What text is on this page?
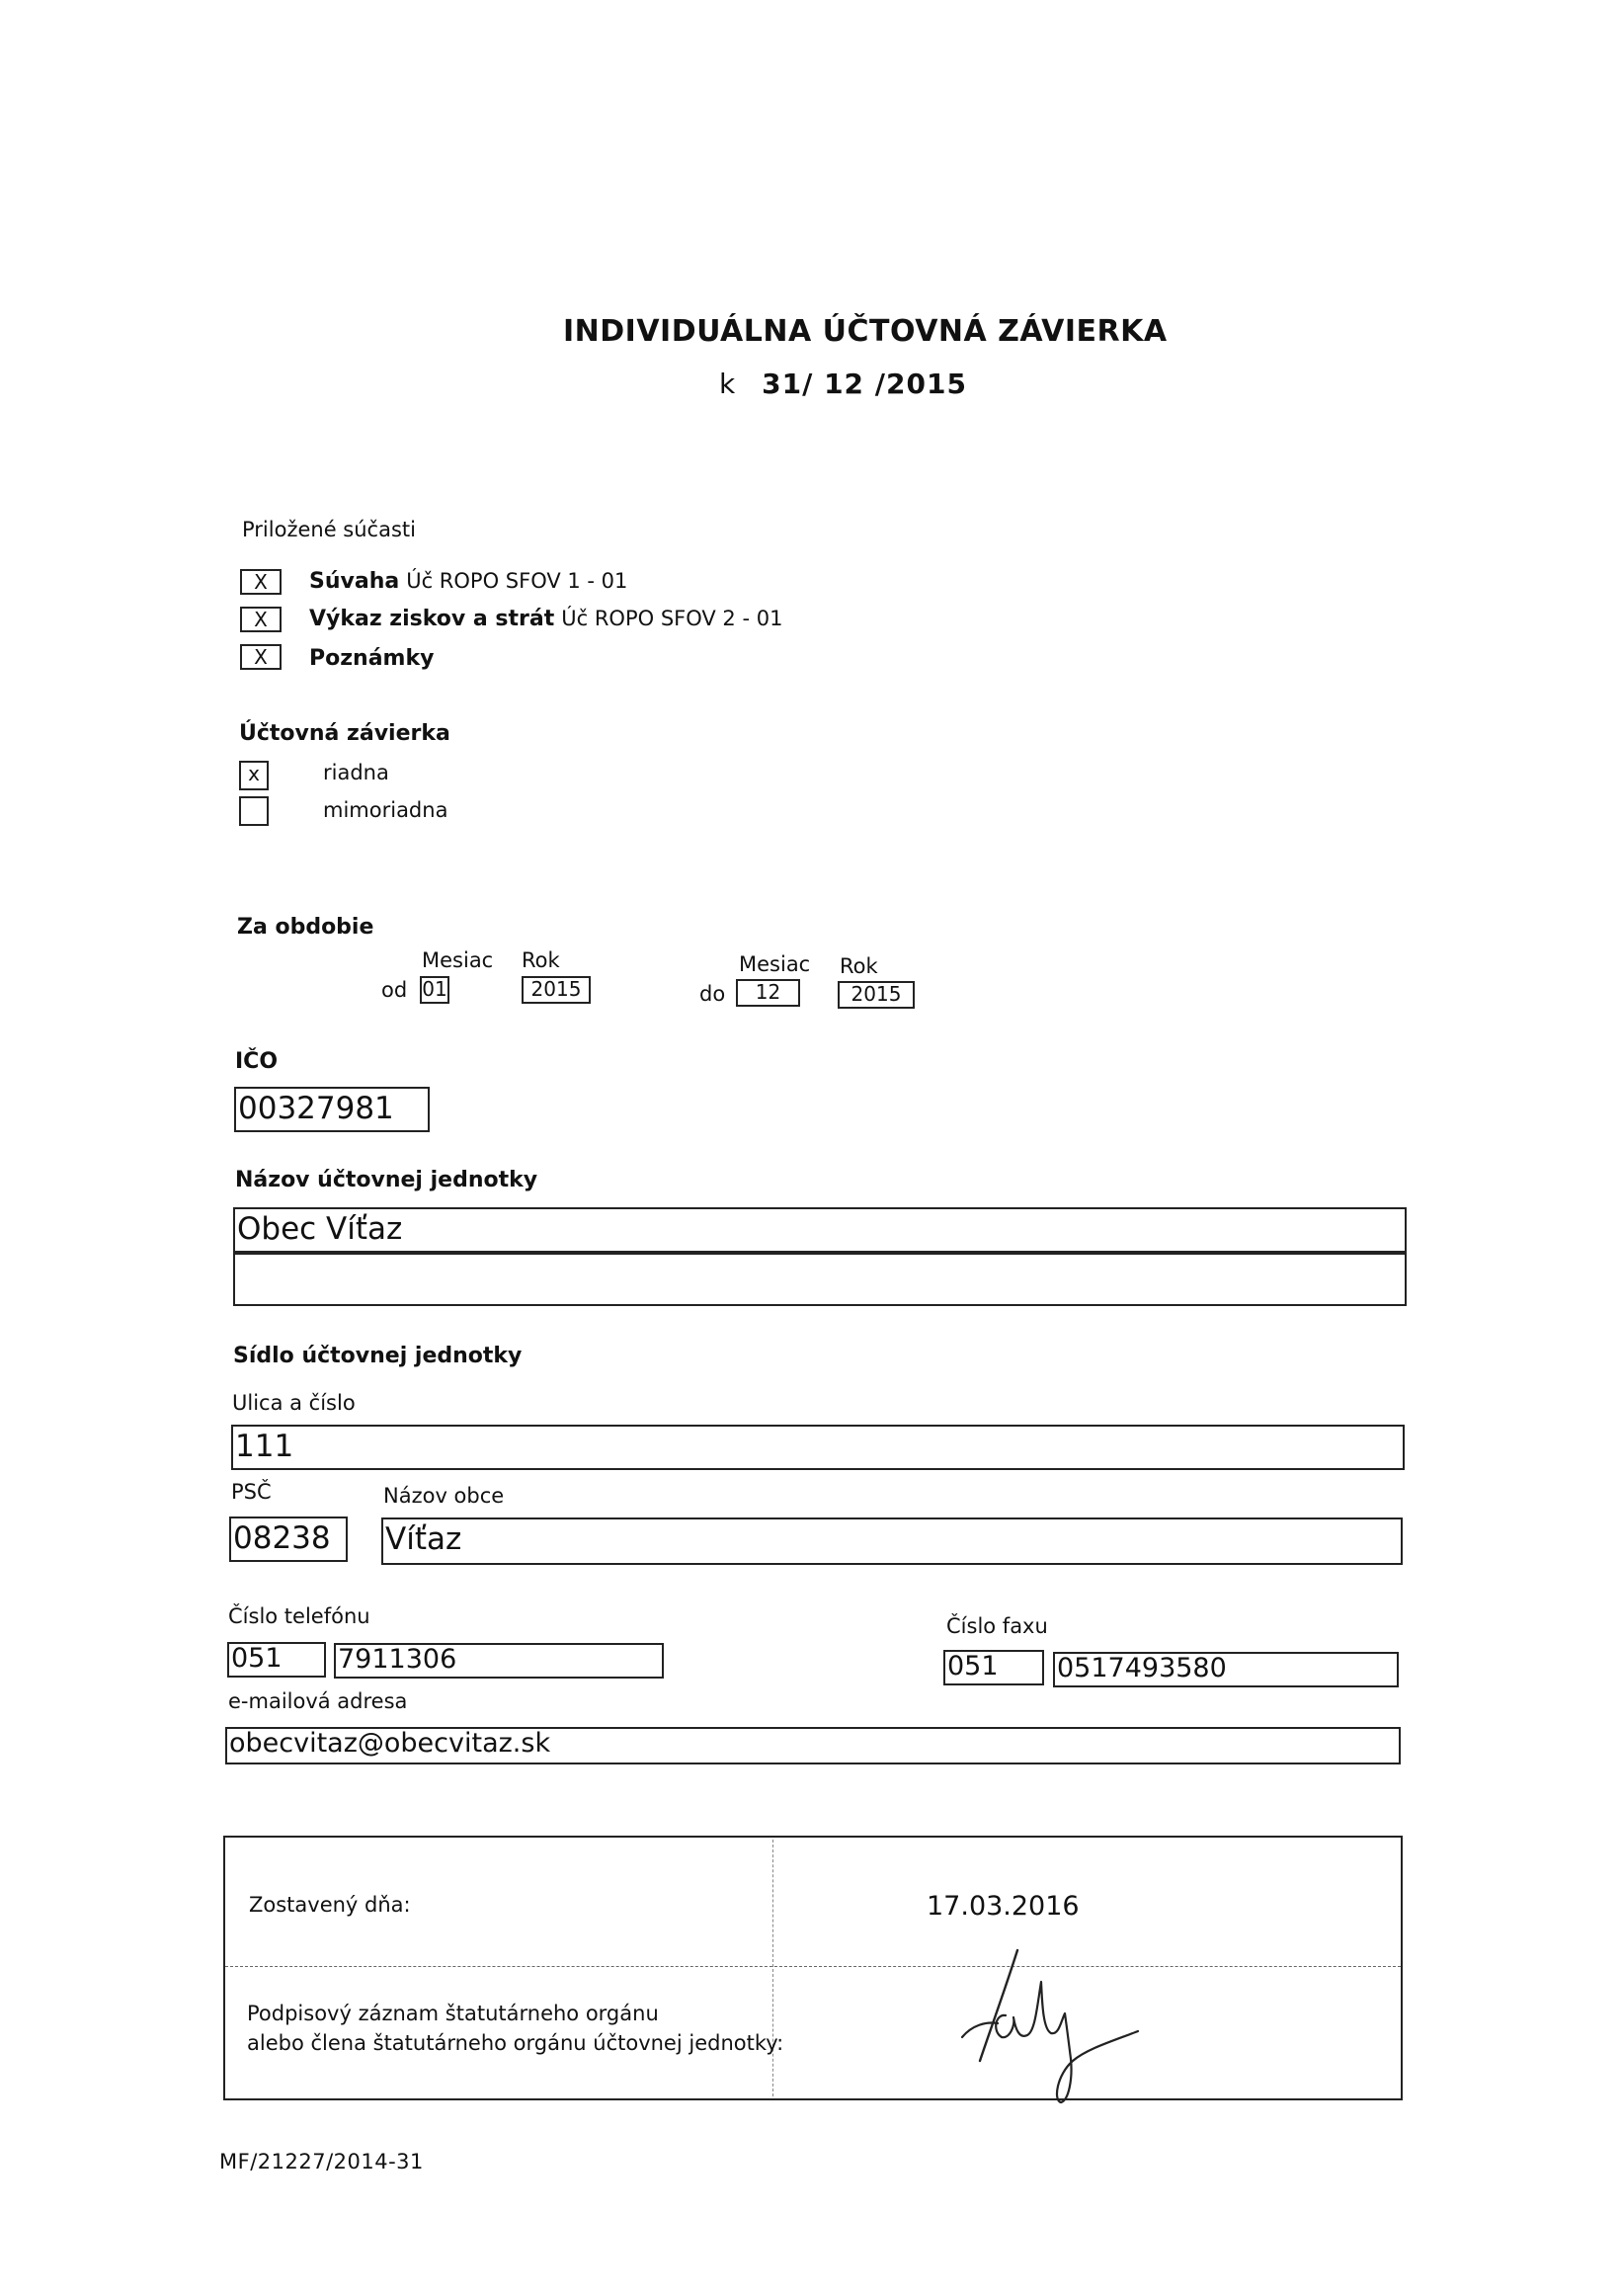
INDIVIDUÁLNA ÚČTOVNÁ ZÁVIERKA
k 31/ 12 /2015
Priložené súčasti
X	Súvaha Úč ROPO SFOV 1 - 01
X	Výkaz ziskov a strát Úč ROPO SFOV 2 - 01
X	Poznámky
Účtovná závierka
x	riadna
mimoriadna
Za obdobie
Mesiac Rok	Mesiac Rok
od 01	2015	do	12	2015
IČO
00327981
Názov účtovnej jednotky
Obec Víťaz
Sídlo účtovnej jednotky
Ulica a číslo
111
PSČ	Názov obce
08238	Víťaz
Číslo telefónu	Číslo faxu
051	7911306	051	0517493580
e-mailová adresa
obecvitaz@obecvitaz.sk
Zostavený dňa:	17.03.2016
Podpisový záznam štatutárneho orgánu
alebo člena štatutárneho orgánu účtovnej jednotky:
MF/21227/2014-31
